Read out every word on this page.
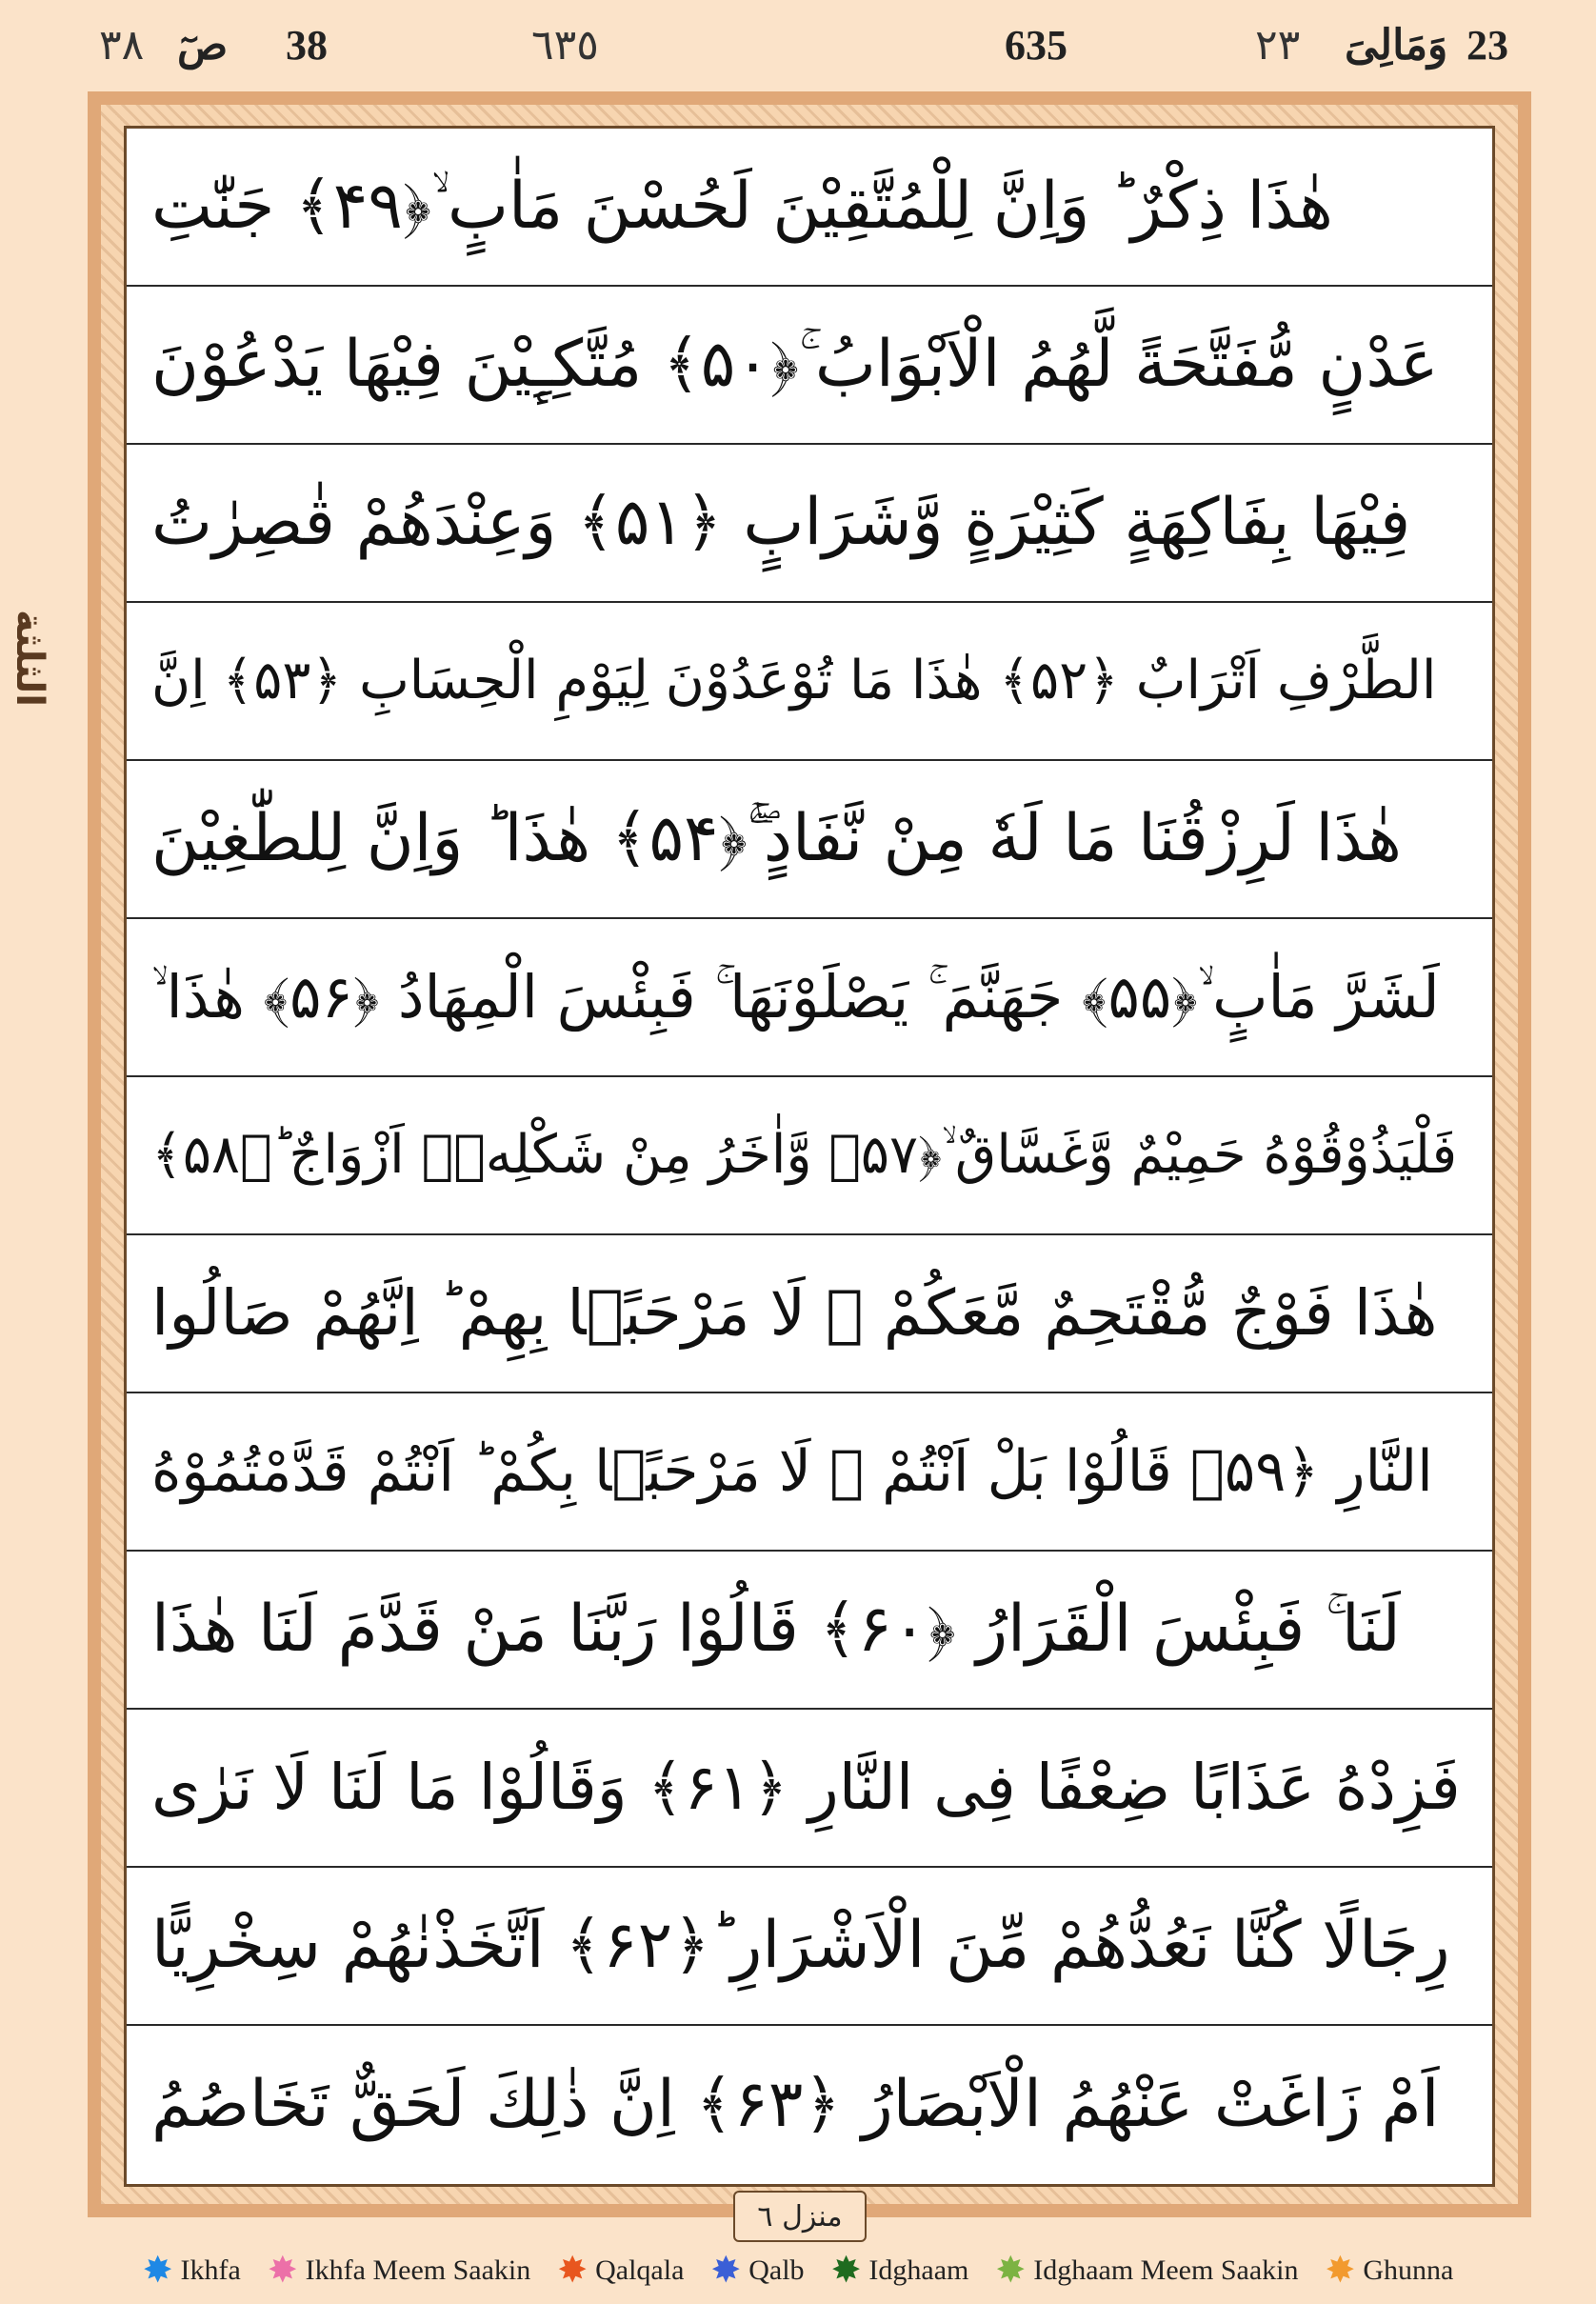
٣٨ صٓ 38	٦٣٥	635	٢٣ وَمَالِیَ 23
الثلثة
هٰذَا ذِكْرٌ ؕ وَاِنَّ لِلْمُتَّقِيْنَ لَحُسْنَ مَاٰبٍ ۙ﴿۴۹﴾ جَنّٰتِ
عَدْنٍ مُّفَتَّحَةً لَّهُمُ الْاَبْوَابُ ۚ﴿۵۰﴾ مُتَّكِـِٕيْنَ فِيْهَا يَدْعُوْنَ
فِيْهَا بِفَاكِهَةٍ كَثِيْرَةٍ وَّشَرَابٍ ﴿۵۱﴾ وَعِنْدَهُمْ قٰصِرٰتُ
الطَّرْفِ اَتْرَابٌ ﴿۵۲﴾ هٰذَا مَا تُوْعَدُوْنَ لِيَوْمِ الْحِسَابِ ﴿۵۳﴾ اِنَّ
هٰذَا لَرِزْقُنَا مَا لَهٗ مِنْ نَّفَادٍ ۚۖ﴿۵۴﴾ هٰذَا ؕ وَاِنَّ لِلطّٰغِيْنَ
لَشَرَّ مَاٰبٍ ۙ﴿۵۵﴾ جَهَنَّمَ ۚ يَصْلَوْنَهَا ۚ فَبِئْسَ الْمِهَادُ ﴿۵۶﴾ هٰذَا ۙ
فَلْيَذُوْقُوْهُ حَمِيْمٌ وَّغَسَّاقٌ ۙ﴿۵۷﴾ وَّاٰخَرُ مِنْ شَكْلِهٖۤ اَزْوَاجٌ ؕ﴿۵۸﴾
هٰذَا فَوْجٌ مُّقْتَحِمٌ مَّعَكُمْ ۚ لَا مَرْحَبًۢا بِهِمْ ؕ اِنَّهُمْ صَالُوا
النَّارِ ﴿۵۹﴾ قَالُوْا بَلْ اَنْتُمْ ۫ لَا مَرْحَبًۢا بِكُمْ ؕ اَنْتُمْ قَدَّمْتُمُوْهُ
لَنَا ۚ فَبِئْسَ الْقَرَارُ ﴿۶۰﴾ قَالُوْا رَبَّنَا مَنْ قَدَّمَ لَنَا هٰذَا
فَزِدْهُ عَذَابًا ضِعْفًا فِى النَّارِ ﴿۶۱﴾ وَقَالُوْا مَا لَنَا لَا نَرٰى
رِجَالًا كُنَّا نَعُدُّهُمْ مِّنَ الْاَشْرَارِ ؕ﴿۶۲﴾ اَتَّخَذْنٰهُمْ سِخْرِيًّا
اَمْ زَاغَتْ عَنْهُمُ الْاَبْصَارُ ﴿۶۳﴾ اِنَّ ذٰلِكَ لَحَقٌّ تَخَاصُمُ
منزل ٦
✸ Ikhfa ✸ Ikhfa Meem Saakin ✸ Qalqala ✸ Qalb ✸ Idghaam ✸ Idghaam Meem Saakin ✸ Ghunna
